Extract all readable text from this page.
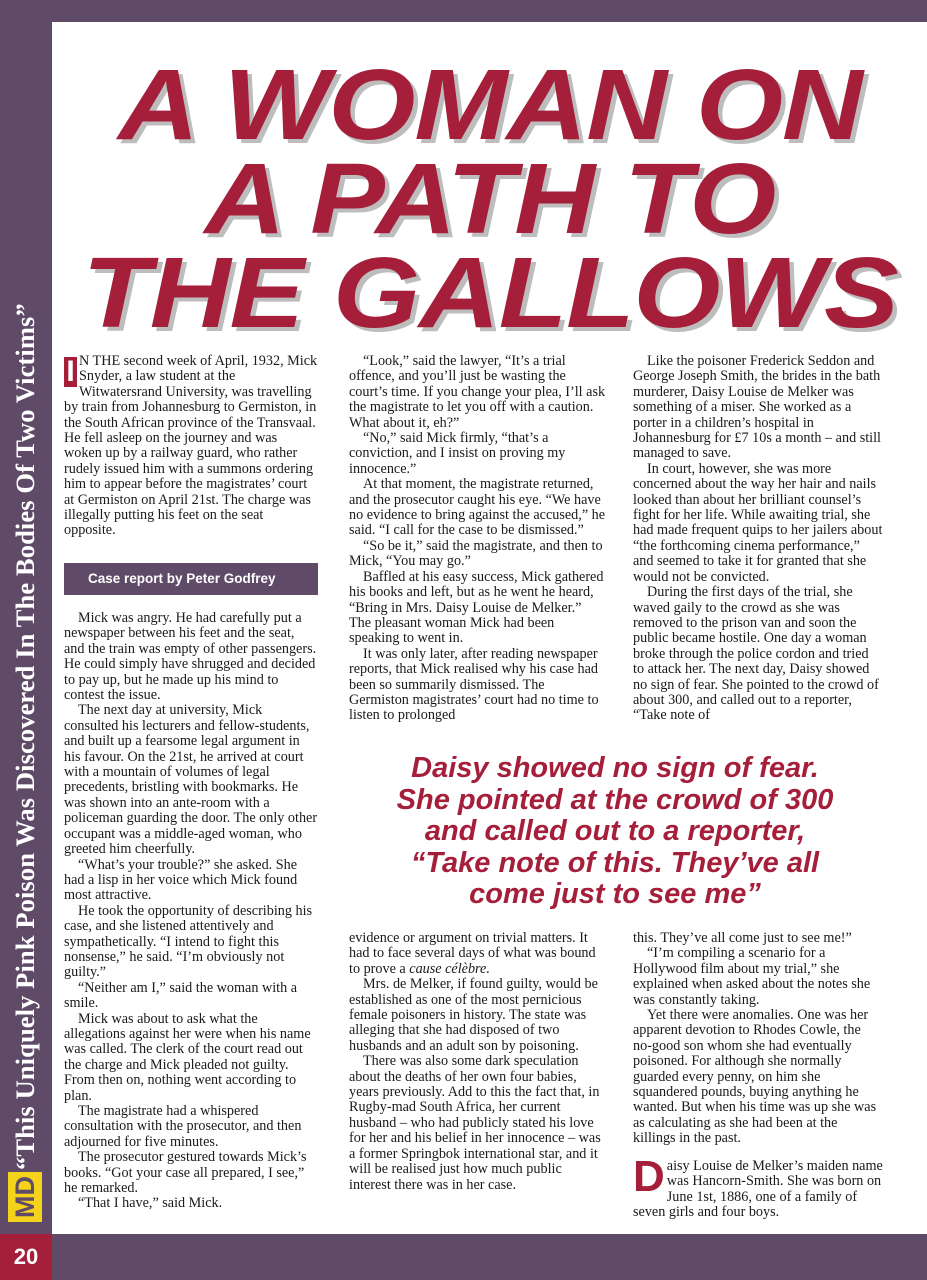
20
MD
“This Uniquely Pink Poison Was Discovered In The Bodies Of Two Victims”
A WOMAN ON
A PATH TO
THE GALLOWS

I N THE second week of April, 1932, Mick Snyder, a law student at the Witwatersrand University, was travelling by train from Johannesburg to Germiston, in the South African province of the Transvaal. He fell asleep on the journey and was woken up by a railway guard, who rather rudely issued him with a summons ordering him to appear before the magistrates’ court at Germiston on April 21st. The charge was illegally putting his feet on the seat opposite.

Case report by Peter Godfrey

Mick was angry. He had carefully put a newspaper between his feet and the seat, and the train was empty of other passengers. He could simply have shrugged and decided to pay up, but he made up his mind to contest the issue.

The next day at university, Mick consulted his lecturers and fellow-students, and built up a fearsome legal argument in his favour. On the 21st, he arrived at court with a mountain of volumes of legal precedents, bristling with bookmarks. He was shown into an ante-room with a policeman guarding the door. The only other occupant was a middle-aged woman, who greeted him cheerfully.

“What’s your trouble?” she asked. She had a lisp in her voice which Mick found most attractive.

He took the opportunity of describing his case, and she listened attentively and sympathetically. “I intend to fight this nonsense,” he said. “I’m obviously not guilty.”

“Neither am I,” said the woman with a smile.

Mick was about to ask what the allegations against her were when his name was called. The clerk of the court read out the charge and Mick pleaded not guilty. From then on, nothing went according to plan.

The magistrate had a whispered consultation with the prosecutor, and then adjourned for five minutes.

The prosecutor gestured towards Mick’s books. “Got your case all prepared, I see,” he remarked.

“That I have,” said Mick.

“Look,” said the lawyer, “It’s a trial offence, and you’ll just be wasting the court’s time. If you change your plea, I’ll ask the magistrate to let you off with a caution. What about it, eh?”

“No,” said Mick firmly, “that’s a conviction, and I insist on proving my innocence.”

At that moment, the magistrate returned, and the prosecutor caught his eye. “We have no evidence to bring against the accused,” he said. “I call for the case to be dismissed.”

“So be it,” said the magistrate, and then to Mick, “You may go.”

Baffled at his easy success, Mick gathered his books and left, but as he went he heard, “Bring in Mrs. Daisy Louise de Melker.” The pleasant woman Mick had been speaking to went in.

It was only later, after reading newspaper reports, that Mick realised why his case had been so summarily dismissed. The Germiston magistrates’ court had no time to listen to prolonged

Like the poisoner Frederick Seddon and George Joseph Smith, the brides in the bath murderer, Daisy Louise de Melker was something of a miser. She worked as a porter in a children’s hospital in Johannesburg for £7 10s a month – and still managed to save.

In court, however, she was more concerned about the way her hair and nails looked than about her brilliant counsel’s fight for her life. While awaiting trial, she had made frequent quips to her jailers about “the forthcoming cinema performance,” and seemed to take it for granted that she would not be convicted.

During the first days of the trial, she waved gaily to the crowd as she was removed to the prison van and soon the public became hostile. One day a woman broke through the police cordon and tried to attack her. The next day, Daisy showed no sign of fear. She pointed to the crowd of about 300, and called out to a reporter, “Take note of

Daisy showed no sign of fear.
She pointed at the crowd of 300
and called out to a reporter,
“Take note of this. They’ve all
come just to see me”

evidence or argument on trivial matters. It had to face several days of what was bound to prove a cause célèbre.

Mrs. de Melker, if found guilty, would be established as one of the most pernicious female poisoners in history. The state was alleging that she had disposed of two husbands and an adult son by poisoning.

There was also some dark speculation about the deaths of her own four babies, years previously. Add to this the fact that, in Rugby-mad South Africa, her current husband – who had publicly stated his love for her and his belief in her innocence – was a former Springbok international star, and it will be realised just how much public interest there was in her case.

this. They’ve all come just to see me!”

“I’m compiling a scenario for a Hollywood film about my trial,” she explained when asked about the notes she was constantly taking.

Yet there were anomalies. One was her apparent devotion to Rhodes Cowle, the no-good son whom she had eventually poisoned. For although she normally guarded every penny, on him she squandered pounds, buying anything he wanted. But when his time was up she was as calculating as she had been at the killings in the past.

Daisy Louise de Melker’s maiden name was Hancorn-Smith. She was born on June 1st, 1886, one of a family of seven girls and four boys.
